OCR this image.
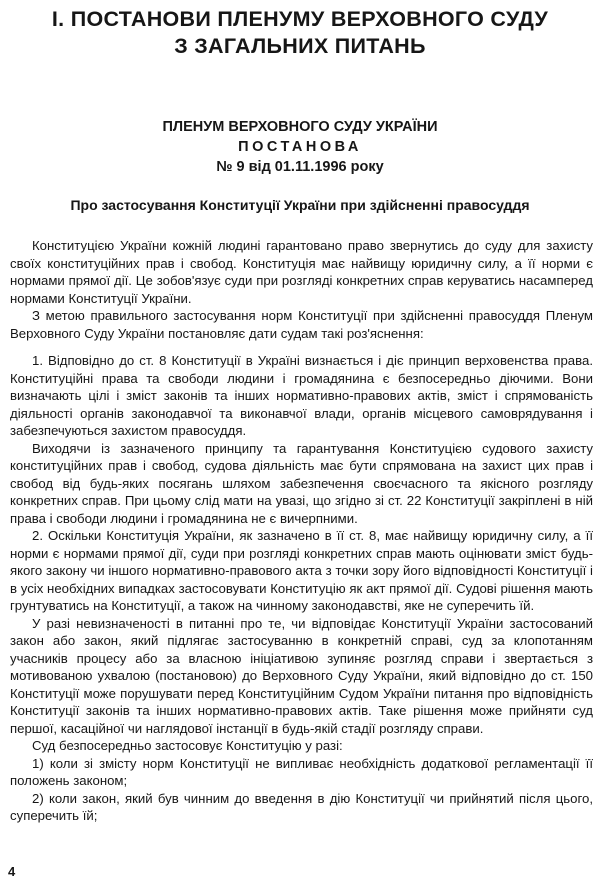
І. ПОСТАНОВИ ПЛЕНУМУ ВЕРХОВНОГО СУДУ
З ЗАГАЛЬНИХ ПИТАНЬ
ПЛЕНУМ ВЕРХОВНОГО СУДУ УКРАЇНИ
ПОСТАНОВА
№ 9 від 01.11.1996 року
Про застосування Конституції України при здійсненні правосуддя

Конституцією України кожній людині гарантовано право звернутись до суду для захисту своїх конституційних прав і свобод. Конституція має найвищу юридичну силу, а її норми є нормами прямої дії. Це зобов'язує суди при розгляді конкретних справ керуватись насамперед нормами Конституції України.

З метою правильного застосування норм Конституції при здійсненні правосуддя Пленум Верховного Суду України постановляє дати судам такі роз'яснення:

1. Відповідно до ст. 8 Конституції в Україні визнається і діє принцип верховенства права. Конституційні права та свободи людини і громадянина є безпосередньо діючими. Вони визначають цілі і зміст законів та інших нормативно-правових актів, зміст і спрямованість діяльності органів законодавчої та виконавчої влади, органів місцевого самоврядування і забезпечуються захистом правосуддя.

Виходячи із зазначеного принципу та гарантування Конституцією судового захисту конституційних прав і свобод, судова діяльність має бути спрямована на захист цих прав і свобод від будь-яких посягань шляхом забезпечення своєчасного та якісного розгляду конкретних справ. При цьому слід мати на увазі, що згідно зі ст. 22 Конституції закріплені в ній права і свободи людини і громадянина не є вичерпними.

2. Оскільки Конституція України, як зазначено в її ст. 8, має найвищу юридичну силу, а її норми є нормами прямої дії, суди при розгляді конкретних справ мають оцінювати зміст будь-якого закону чи іншого нормативно-правового акта з точки зору його відповідності Конституції і в усіх необхідних випадках застосовувати Конституцію як акт прямої дії. Судові рішення мають грунтуватись на Конституції, а також на чинному законодавстві, яке не суперечить їй.

У разі невизначеності в питанні про те, чи відповідає Конституції України застосований закон або закон, який підлягає застосуванню в конкретній справі, суд за клопотанням учасників процесу або за власною ініціативою зупиняє розгляд справи і звертається з мотивованою ухвалою (постановою) до Верховного Суду України, який відповідно до ст. 150 Конституції може порушувати перед Конституційним Судом України питання про відповідність Конституції законів та інших нормативно-правових актів. Таке рішення може прийняти суд першої, касаційної чи наглядової інстанції в будь-якій стадії розгляду справи.

Суд безпосередньо застосовує Конституцію у разі:

1) коли зі змісту норм Конституції не випливає необхідність додаткової регламентації її положень законом;

2) коли закон, який був чинним до введення в дію Конституції чи прийнятий після цього, суперечить їй;

4
